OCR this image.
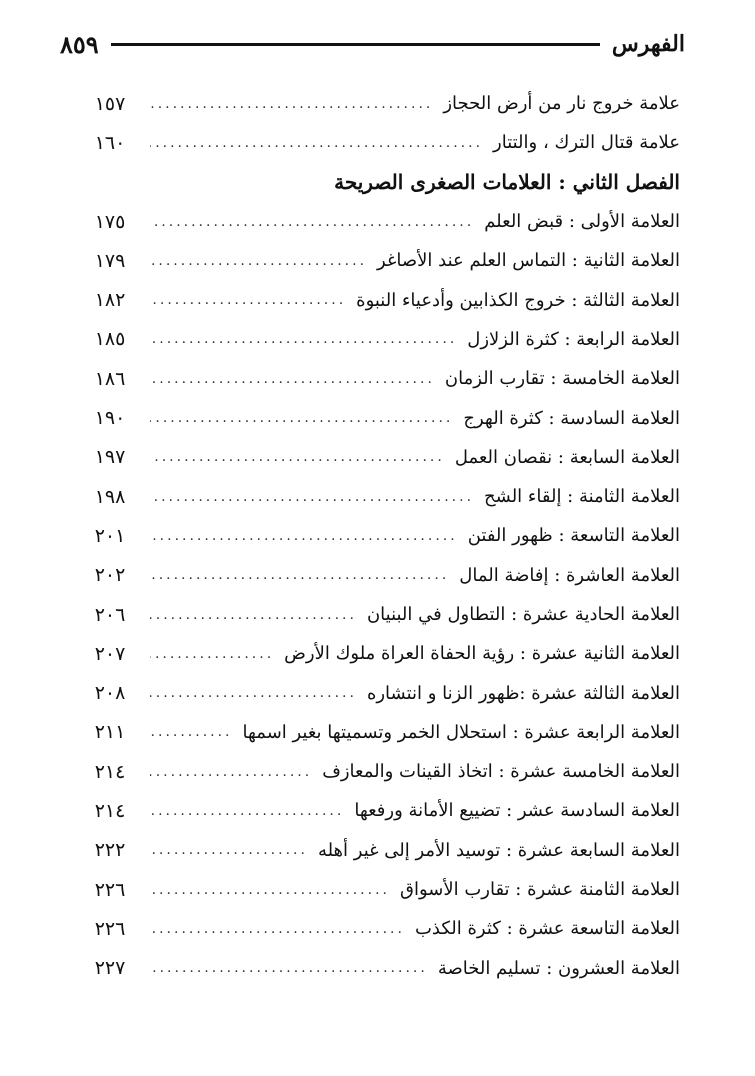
الفهرس
٨٥٩
علامة خروج نار من أرض الحجاز
.....
١٥٧
علامة قتال الترك ، والتتار
.....
١٦٠
الفصل الثاني : العلامات الصغرى الصريحة
العلامة الأولى : قبض العلم
.....
١٧٥
العلامة الثانية : التماس العلم عند الأصاغر
.....
١٧٩
العلامة الثالثة : خروج الكذابين وأدعياء النبوة
.....
١٨٢
العلامة الرابعة : كثرة الزلازل
.....
١٨٥
العلامة الخامسة : تقارب الزمان
.....
١٨٦
العلامة السادسة : كثرة الهرج
.....
١٩٠
العلامة السابعة : نقصان العمل
.....
١٩٧
العلامة الثامنة : إلقاء الشح
.....
١٩٨
العلامة التاسعة : ظهور الفتن
.....
٢٠١
العلامة العاشرة : إفاضة المال
.....
٢٠٢
العلامة الحادية عشرة : التطاول في البنيان
.....
٢٠٦
العلامة الثانية عشرة : رؤية الحفاة العراة ملوك الأرض
.....
٢٠٧
العلامة الثالثة عشرة :ظهور الزنا و انتشاره
.....
٢٠٨
العلامة الرابعة عشرة : استحلال الخمر وتسميتها بغير اسمها
.....
٢١١
العلامة الخامسة عشرة : اتخاذ القينات والمعازف
.....
٢١٤
العلامة السادسة عشر : تضييع الأمانة ورفعها
.....
٢١٤
العلامة السابعة عشرة : توسيد الأمر إلى غير أهله
.....
٢٢٢
العلامة الثامنة عشرة : تقارب الأسواق
.....
٢٢٦
العلامة التاسعة عشرة : كثرة الكذب
.....
٢٢٦
العلامة العشرون : تسليم الخاصة
.....
٢٢٧
